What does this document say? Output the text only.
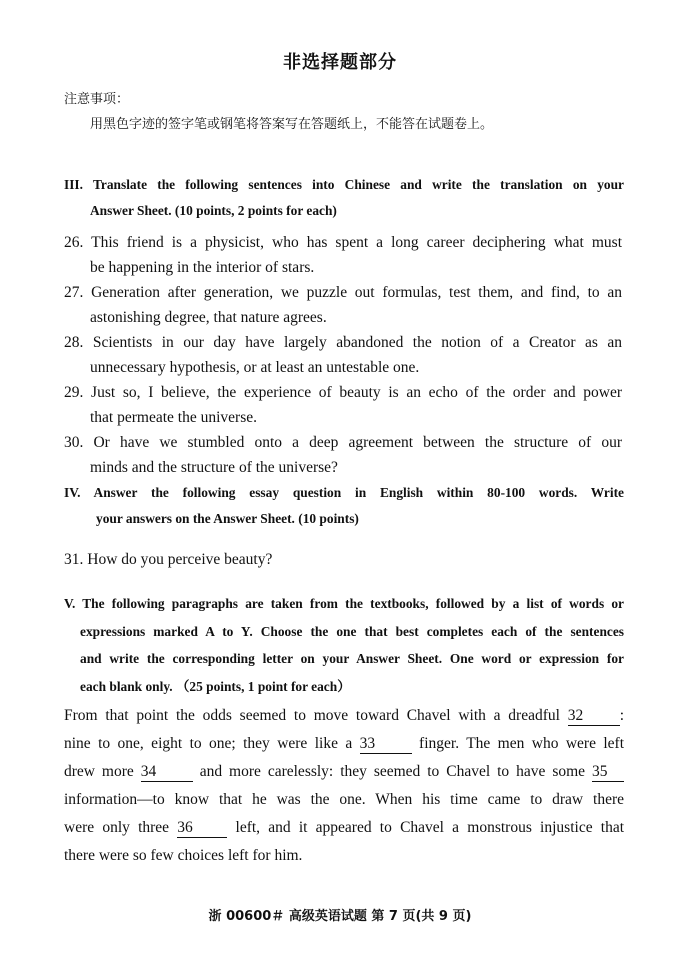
非选择题部分
注意事项：
用黑色字迹的签字笔或钢笔将答案写在答题纸上，不能答在试题卷上。
III. Translate the following sentences into Chinese and write the translation on your
Answer Sheet. (10 points, 2 points for each)
26. This friend is a physicist, who has spent a long career deciphering what must
be happening in the interior of stars.
27. Generation after generation, we puzzle out formulas, test them, and find, to an
astonishing degree, that nature agrees.
28. Scientists in our day have largely abandoned the notion of a Creator as an
unnecessary hypothesis, or at least an untestable one.
29. Just so, I believe, the experience of beauty is an echo of the order and power
that permeate the universe.
30. Or have we stumbled onto a deep agreement between the structure of our
minds and the structure of the universe?
IV. Answer the following essay question in English within 80-100 words. Write
your answers on the Answer Sheet. (10 points)
31. How do you perceive beauty?
V. The following paragraphs are taken from the textbooks, followed by a list of words or
expressions marked A to Y. Choose the one that best completes each of the sentences
and write the corresponding letter on your Answer Sheet. One word or expression for
each blank only. （25 points, 1 point for each）
From that point the odds seemed to move toward Chavel with a dreadful 32 :
nine to one, eight to one; they were like a 33	finger. The men who were left
drew more 34	and more carelessly: they seemed to Chavel to have some 35
information—to know that he was the one. When his time came to draw there
were only three 36	left, and it appeared to Chavel a monstrous injustice that
there were so few choices left for him.
浙 00600＃ 高级英语试题 第 7 页(共 9 页)
